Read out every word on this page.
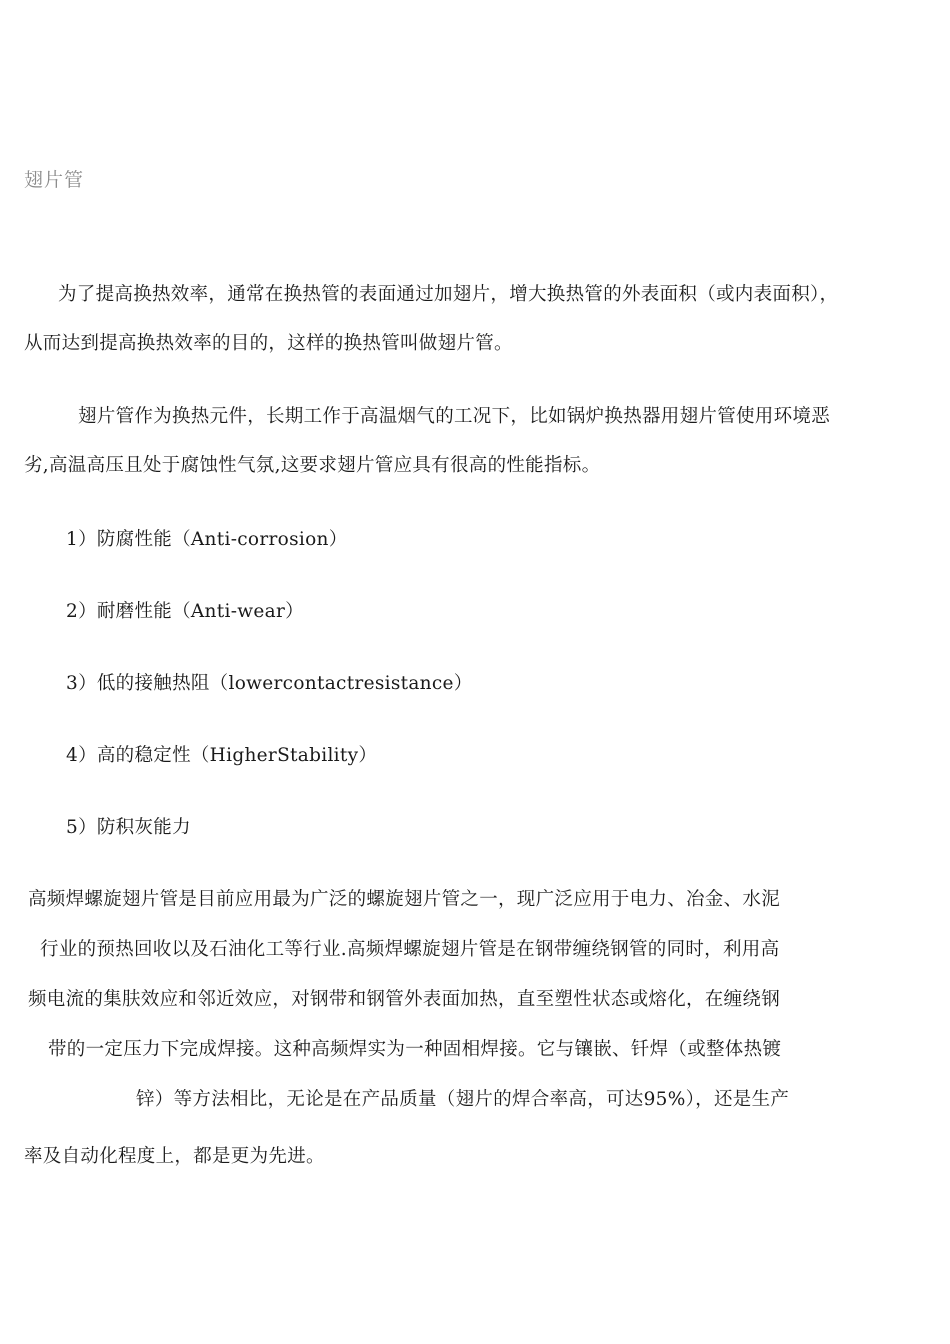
翅片管

为了提高换热效率，通常在换热管的表面通过加翅片，增大换热管的外表面积（或内表面积），从而达到提高换热效率的目的，这样的换热管叫做翅片管。

翅片管作为换热元件，长期工作于高温烟气的工况下，比如锅炉换热器用翅片管使用环境恶劣,高温高压且处于腐蚀性气氛,这要求翅片管应具有很高的性能指标。

1）防腐性能（Anti-corrosion）

2）耐磨性能（Anti-wear）

3）低的接触热阻（lowercontactresistance）

4）高的稳定性（HigherStability）

5）防积灰能力

高频焊螺旋翅片管是目前应用最为广泛的螺旋翅片管之一，现广泛应用于电力、冶金、水泥

行业的预热回收以及石油化工等行业.高频焊螺旋翅片管是在钢带缠绕钢管的同时，利用高

频电流的集肤效应和邻近效应，对钢带和钢管外表面加热，直至塑性状态或熔化，在缠绕钢

带的一定压力下完成焊接。这种高频焊实为一种固相焊接。它与镶嵌、钎焊（或整体热镀

锌）等方法相比，无论是在产品质量（翅片的焊合率高，可达95%），还是生产

率及自动化程度上，都是更为先进。
